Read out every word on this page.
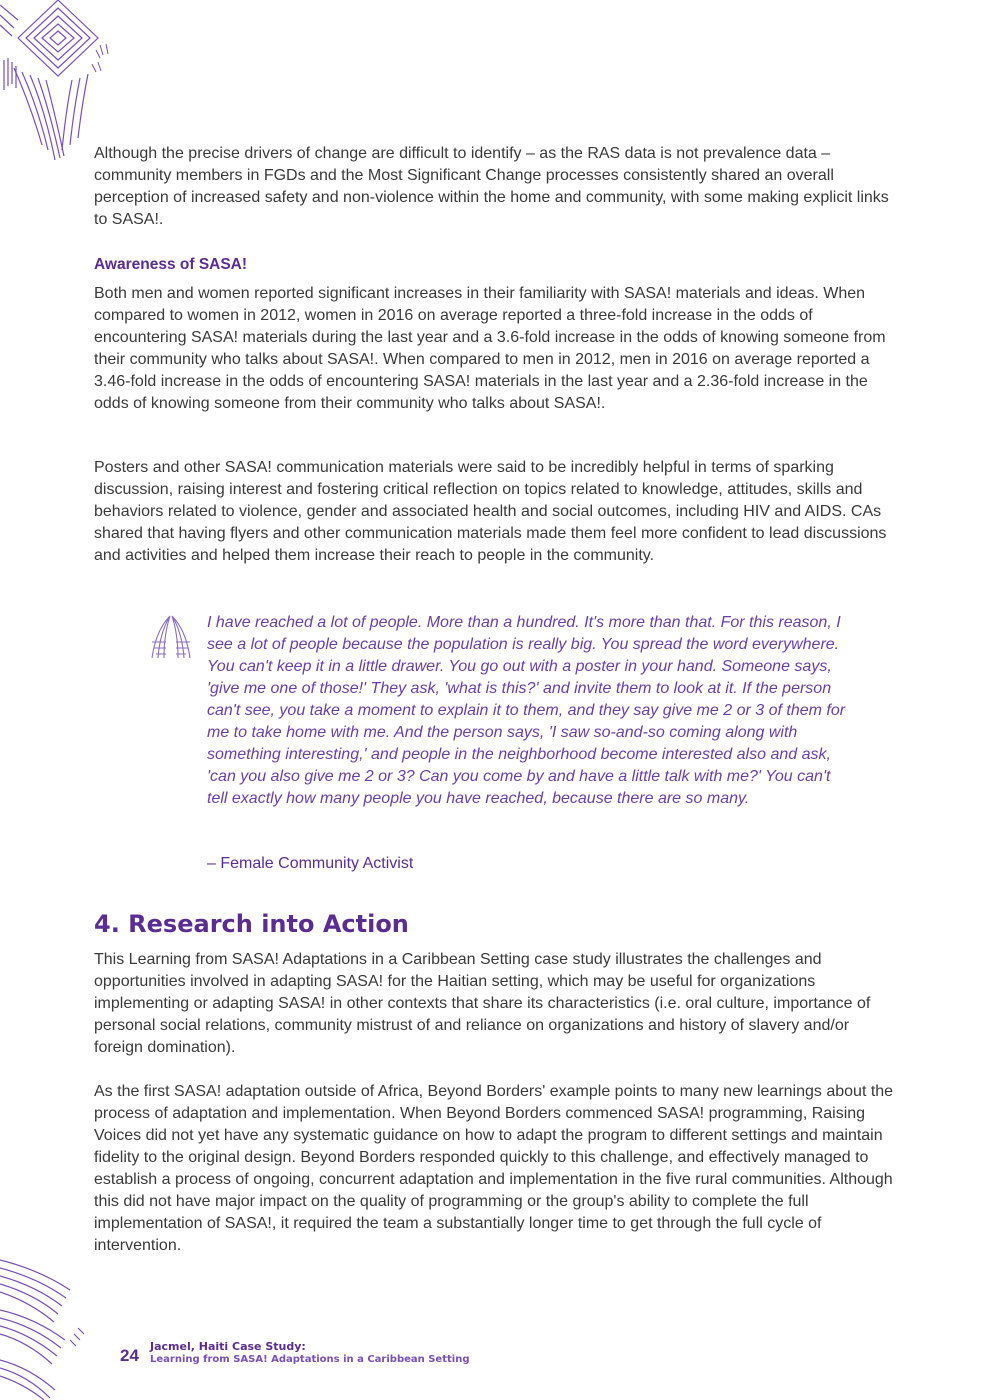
Although the precise drivers of change are difficult to identify – as the RAS data is not prevalence data – community members in FGDs and the Most Significant Change processes consistently shared an overall perception of increased safety and non-violence within the home and community, with some making explicit links to SASA!.

Awareness of SASA!

Both men and women reported significant increases in their familiarity with SASA! materials and ideas. When compared to women in 2012, women in 2016 on average reported a three-fold increase in the odds of encountering SASA! materials during the last year and a 3.6-fold increase in the odds of knowing someone from their community who talks about SASA!. When compared to men in 2012, men in 2016 on average reported a 3.46-fold increase in the odds of encountering SASA! materials in the last year and a 2.36-fold increase in the odds of knowing someone from their community who talks about SASA!.

Posters and other SASA! communication materials were said to be incredibly helpful in terms of sparking discussion, raising interest and fostering critical reflection on topics related to knowledge, attitudes, skills and behaviors related to violence, gender and associated health and social outcomes, including HIV and AIDS. CAs shared that having flyers and other communication materials made them feel more confident to lead discussions and activities and helped them increase their reach to people in the community.

I have reached a lot of people. More than a hundred. It's more than that. For this reason, I see a lot of people because the population is really big. You spread the word everywhere. You can't keep it in a little drawer. You go out with a poster in your hand. Someone says, 'give me one of those!' They ask, 'what is this?' and invite them to look at it. If the person can't see, you take a moment to explain it to them, and they say give me 2 or 3 of them for me to take home with me. And the person says, 'I saw so-and-so coming along with something interesting,' and people in the neighborhood become interested also and ask, 'can you also give me 2 or 3? Can you come by and have a little talk with me?' You can't tell exactly how many people you have reached, because there are so many.

– Female Community Activist

4. Research into Action

This Learning from SASA! Adaptations in a Caribbean Setting case study illustrates the challenges and opportunities involved in adapting SASA! for the Haitian setting, which may be useful for organizations implementing or adapting SASA! in other contexts that share its characteristics (i.e. oral culture, importance of personal social relations, community mistrust of and reliance on organizations and history of slavery and/or foreign domination).

As the first SASA! adaptation outside of Africa, Beyond Borders' example points to many new learnings about the process of adaptation and implementation. When Beyond Borders commenced SASA! programming, Raising Voices did not yet have any systematic guidance on how to adapt the program to different settings and maintain fidelity to the original design. Beyond Borders responded quickly to this challenge, and effectively managed to establish a process of ongoing, concurrent adaptation and implementation in the five rural communities. Although this did not have major impact on the quality of programming or the group's ability to complete the full implementation of SASA!, it required the team a substantially longer time to get through the full cycle of intervention.

24 Jacmel, Haiti Case Study:
Learning from SASA! Adaptations in a Caribbean Setting
